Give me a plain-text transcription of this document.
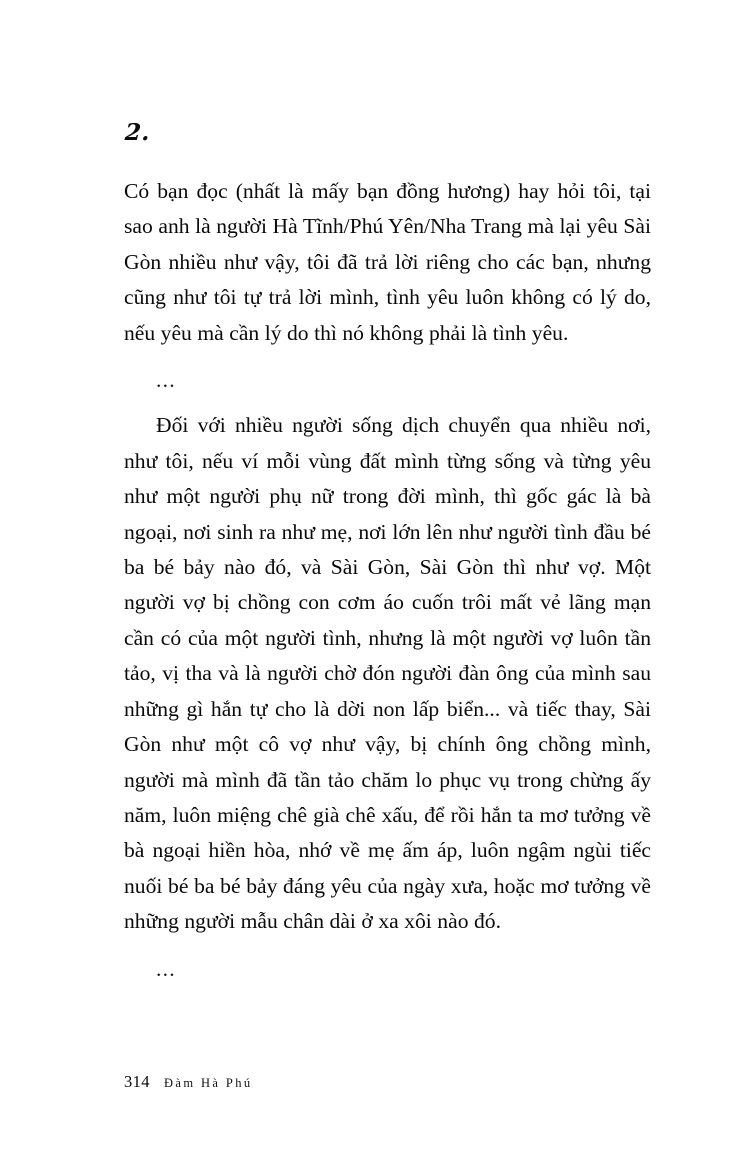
2.

Có bạn đọc (nhất là mấy bạn đồng hương) hay hỏi tôi, tại sao anh là người Hà Tĩnh/Phú Yên/Nha Trang mà lại yêu Sài Gòn nhiều như vậy, tôi đã trả lời riêng cho các bạn, nhưng cũng như tôi tự trả lời mình, tình yêu luôn không có lý do, nếu yêu mà cần lý do thì nó không phải là tình yêu.

...

Đối với nhiều người sống dịch chuyển qua nhiều nơi, như tôi, nếu ví mỗi vùng đất mình từng sống và từng yêu như một người phụ nữ trong đời mình, thì gốc gác là bà ngoại, nơi sinh ra như mẹ, nơi lớn lên như người tình đầu bé ba bé bảy nào đó, và Sài Gòn, Sài Gòn thì như vợ. Một người vợ bị chồng con cơm áo cuốn trôi mất vẻ lãng mạn cần có của một người tình, nhưng là một người vợ luôn tần tảo, vị tha và là người chờ đón người đàn ông của mình sau những gì hắn tự cho là dời non lấp biển... và tiếc thay, Sài Gòn như một cô vợ như vậy, bị chính ông chồng mình, người mà mình đã tần tảo chăm lo phục vụ trong chừng ấy năm, luôn miệng chê già chê xấu, để rồi hắn ta mơ tưởng về bà ngoại hiền hòa, nhớ về mẹ ấm áp, luôn ngậm ngùi tiếc nuối bé ba bé bảy đáng yêu của ngày xưa, hoặc mơ tưởng về những người mẫu chân dài ở xa xôi nào đó.

...
314 Đàm Hà Phú
